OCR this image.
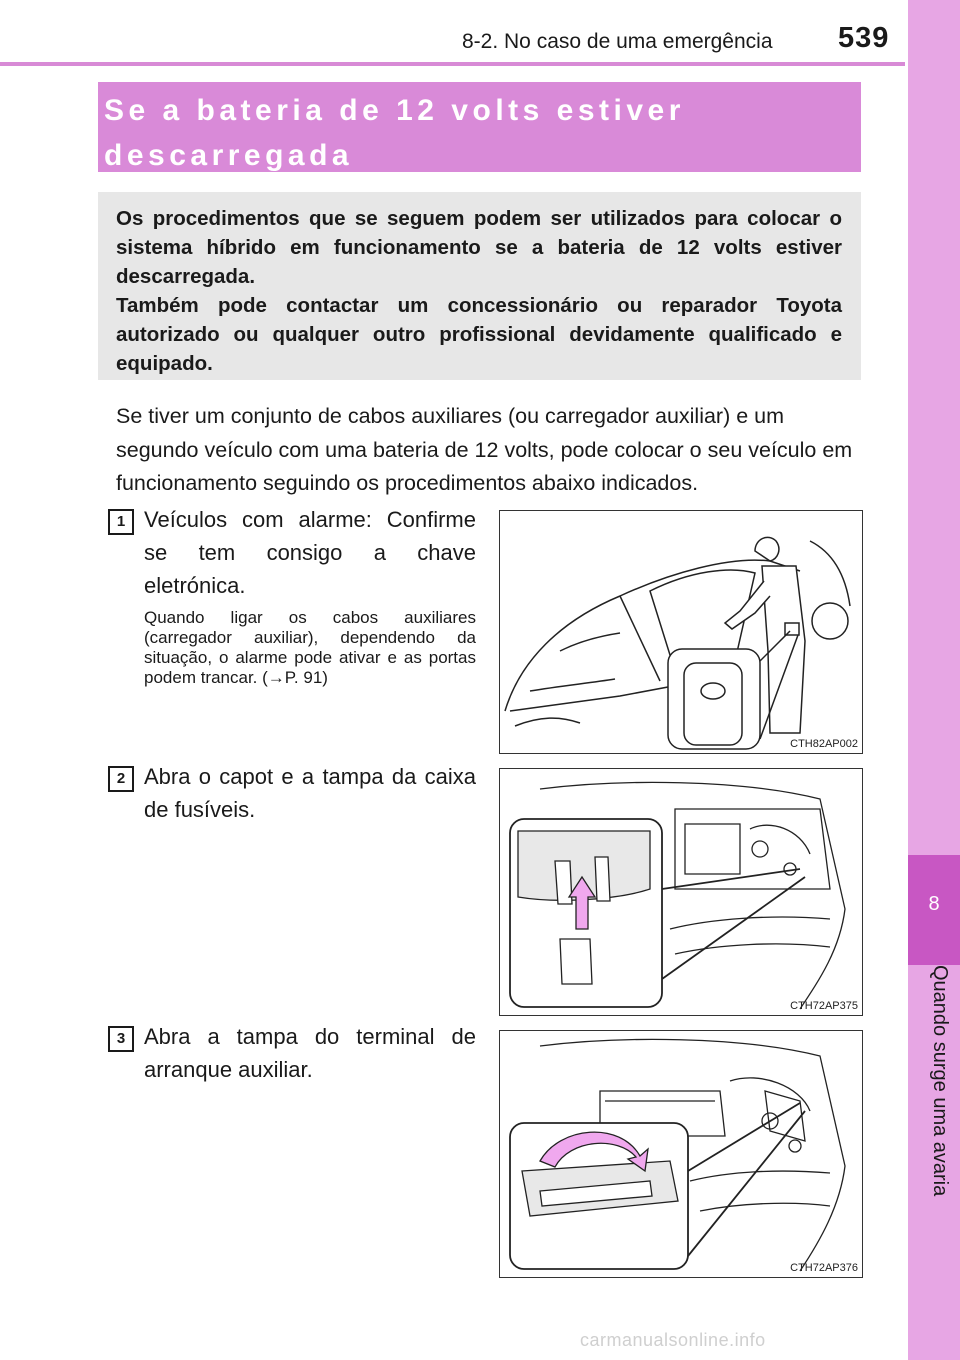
8-2. No caso de uma emergência 539
8
Quando surge uma avaria
Se a bateria de 12 volts estiver
descarregada
Os procedimentos que se seguem podem ser utilizados para colocar o sistema híbrido em funcionamento se a bateria de 12 volts estiver descarregada.
Também pode contactar um concessionário ou reparador Toyota autorizado ou qualquer outro profissional devidamente qualificado e equipado.
Se tiver um conjunto de cabos auxiliares (ou carregador auxiliar) e um segundo veículo com uma bateria de 12 volts, pode colocar o seu veículo em funcionamento seguindo os procedimentos abaixo indicados.
1 Veículos com alarme: Confirme se tem consigo a chave eletrónica.
Quando ligar os cabos auxiliares (carregador auxiliar), dependendo da situação, o alarme pode ativar e as portas podem trancar. (→P. 91)
CTH82AP002
2 Abra o capot e a tampa da caixa de fusíveis.
CTH72AP375
3 Abra a tampa do terminal de arranque auxiliar.
CTH72AP376
carmanualsonline.info
